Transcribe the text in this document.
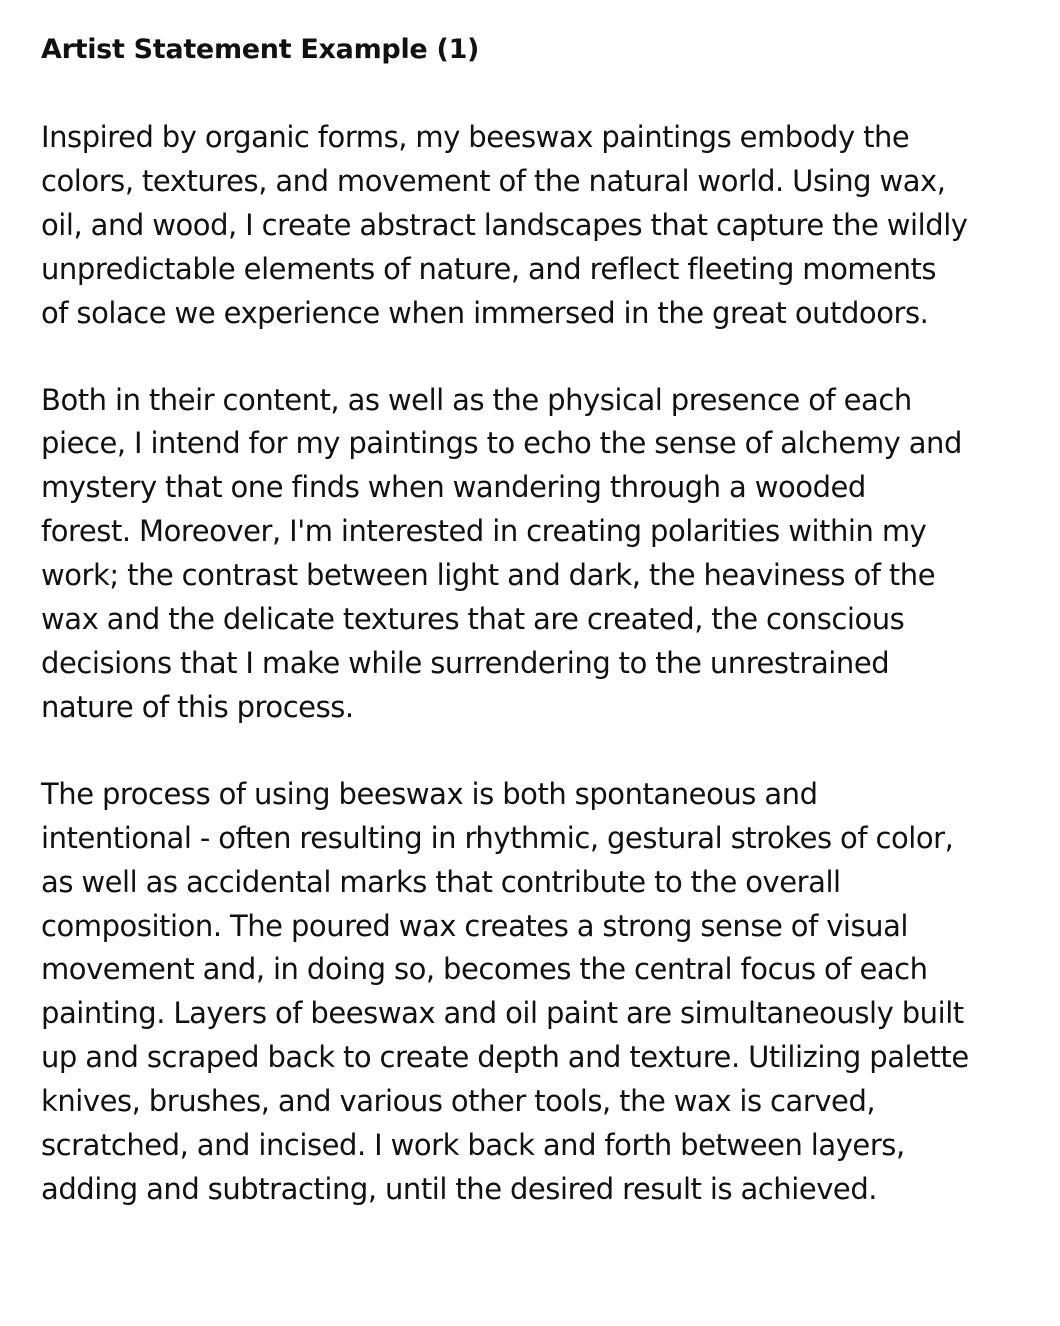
Artist Statement Example (1)

Inspired by organic forms, my beeswax paintings embody the
colors, textures, and movement of the natural world. Using wax,
oil, and wood, I create abstract landscapes that capture the wildly
unpredictable elements of nature, and reflect fleeting moments
of solace we experience when immersed in the great outdoors.

Both in their content, as well as the physical presence of each
piece, I intend for my paintings to echo the sense of alchemy and
mystery that one finds when wandering through a wooded
forest. Moreover, I'm interested in creating polarities within my
work; the contrast between light and dark, the heaviness of the
wax and the delicate textures that are created, the conscious
decisions that I make while surrendering to the unrestrained
nature of this process.

The process of using beeswax is both spontaneous and
intentional - often resulting in rhythmic, gestural strokes of color,
as well as accidental marks that contribute to the overall
composition. The poured wax creates a strong sense of visual
movement and, in doing so, becomes the central focus of each
painting. Layers of beeswax and oil paint are simultaneously built
up and scraped back to create depth and texture. Utilizing palette
knives, brushes, and various other tools, the wax is carved,
scratched, and incised. I work back and forth between layers,
adding and subtracting, until the desired result is achieved.
